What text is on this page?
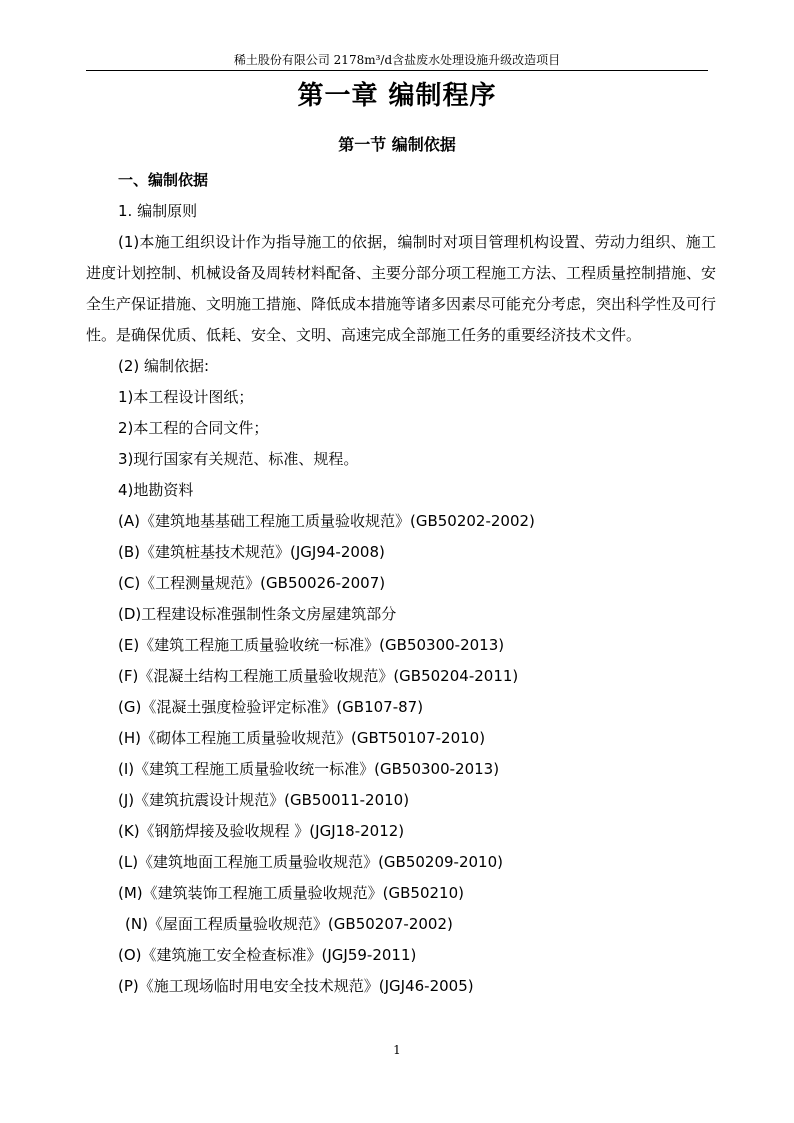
稀土股份有限公司 2178m³/d含盐废水处理设施升级改造项目
第一章 编制程序
第一节 编制依据
一、编制依据
1. 编制原则
(1)本施工组织设计作为指导施工的依据，编制时对项目管理机构设置、劳动力组织、施工进度计划控制、机械设备及周转材料配备、主要分部分项工程施工方法、工程质量控制措施、安全生产保证措施、文明施工措施、降低成本措施等诸多因素尽可能充分考虑，突出科学性及可行性。是确保优质、低耗、安全、文明、高速完成全部施工任务的重要经济技术文件。
(2) 编制依据:
1)本工程设计图纸；
2)本工程的合同文件；
3)现行国家有关规范、标准、规程。
4)地勘资料
(A)《建筑地基基础工程施工质量验收规范》(GB50202-2002)
(B)《建筑桩基技术规范》(JGJ94-2008)
(C)《工程测量规范》(GB50026-2007)
(D)工程建设标准强制性条文房屋建筑部分
(E)《建筑工程施工质量验收统一标准》(GB50300-2013)
(F)《混凝土结构工程施工质量验收规范》(GB50204-2011)
(G)《混凝土强度检验评定标准》(GB107-87)
(H)《砌体工程施工质量验收规范》(GBT50107-2010)
(I)《建筑工程施工质量验收统一标准》(GB50300-2013)
(J)《建筑抗震设计规范》(GB50011-2010)
(K)《钢筋焊接及验收规程 》(JGJ18-2012)
(L)《建筑地面工程施工质量验收规范》(GB50209-2010)
(M)《建筑装饰工程施工质量验收规范》(GB50210)
(N)《屋面工程质量验收规范》(GB50207-2002)
(O)《建筑施工安全检查标准》(JGJ59-2011)
(P)《施工现场临时用电安全技术规范》(JGJ46-2005)
1
